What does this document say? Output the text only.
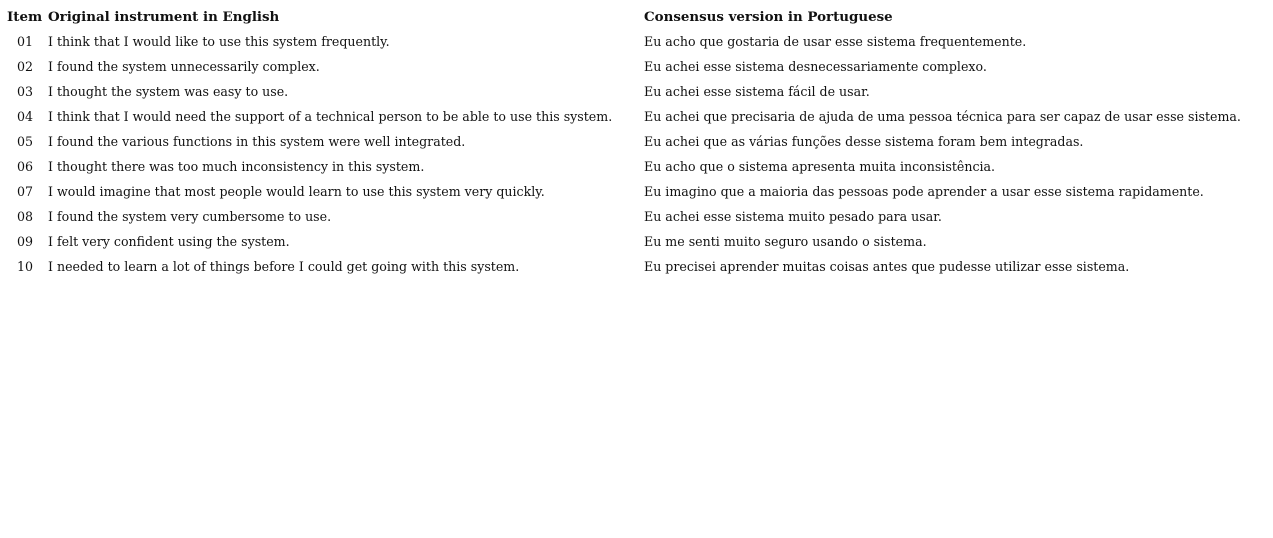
Item	Original instrument in English	Consensus version in Portuguese
01	I think that I would like to use this system frequently.	Eu acho que gostaria de usar esse sistema frequentemente.
02	I found the system unnecessarily complex.	Eu achei esse sistema desnecessariamente complexo.
03	I thought the system was easy to use.	Eu achei esse sistema fácil de usar.
04	I think that I would need the support of a technical person to be able to use this system.	Eu achei que precisaria de ajuda de uma pessoa técnica para ser capaz de usar esse sistema.
05	I found the various functions in this system were well integrated.	Eu achei que as várias funções desse sistema foram bem integradas.
06	I thought there was too much inconsistency in this system.	Eu acho que o sistema apresenta muita inconsistência.
07	I would imagine that most people would learn to use this system very quickly.	Eu imagino que a maioria das pessoas pode aprender a usar esse sistema rapidamente.
08	I found the system very cumbersome to use.	Eu achei esse sistema muito pesado para usar.
09	I felt very confident using the system.	Eu me senti muito seguro usando o sistema.
10	I needed to learn a lot of things before I could get going with this system.	Eu precisei aprender muitas coisas antes que pudesse utilizar esse sistema.
